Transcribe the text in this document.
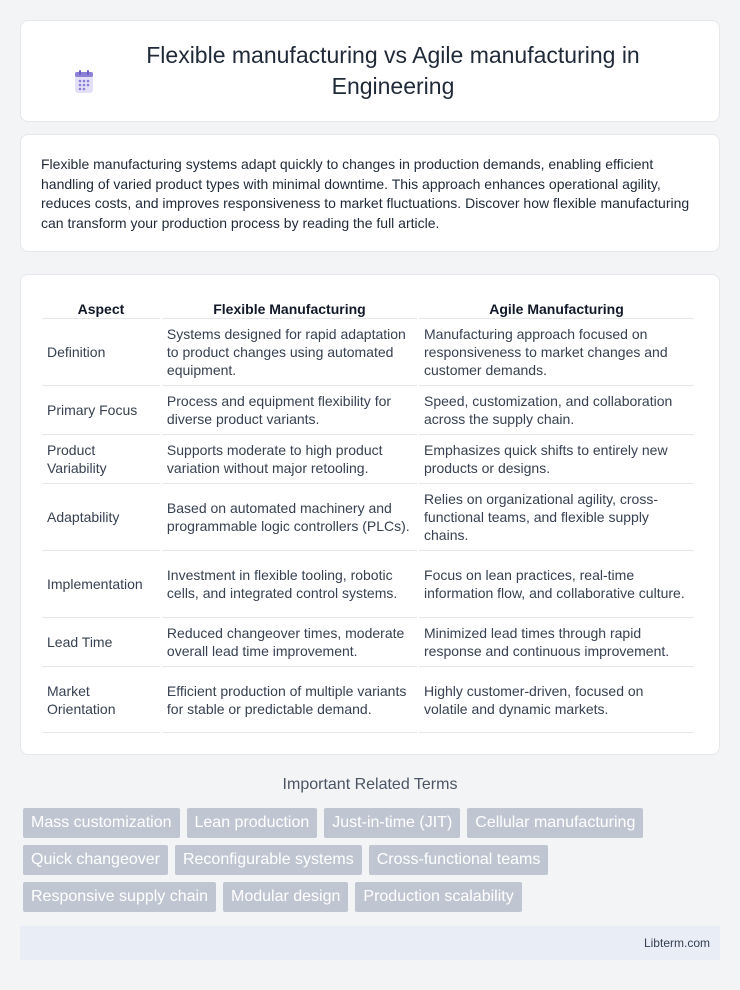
Flexible manufacturing vs Agile manufacturing in Engineering

Flexible manufacturing systems adapt quickly to changes in production demands, enabling efficient handling of varied product types with minimal downtime. This approach enhances operational agility, reduces costs, and improves responsiveness to market fluctuations. Discover how flexible manufacturing can transform your production process by reading the full article.

Aspect	Flexible Manufacturing	Agile Manufacturing
Definition	Systems designed for rapid adaptation to product changes using automated equipment.	Manufacturing approach focused on responsiveness to market changes and customer demands.
Primary Focus	Process and equipment flexibility for diverse product variants.	Speed, customization, and collaboration across the supply chain.
Product Variability	Supports moderate to high product variation without major retooling.	Emphasizes quick shifts to entirely new products or designs.
Adaptability	Based on automated machinery and programmable logic controllers (PLCs).	Relies on organizational agility, cross-functional teams, and flexible supply chains.
Implementation	Investment in flexible tooling, robotic cells, and integrated control systems.	Focus on lean practices, real-time information flow, and collaborative culture.
Lead Time	Reduced changeover times, moderate overall lead time improvement.	Minimized lead times through rapid response and continuous improvement.
Market Orientation	Efficient production of multiple variants for stable or predictable demand.	Highly customer-driven, focused on volatile and dynamic markets.
Important Related Terms
Mass customization	Lean production	Just-in-time (JIT)	Cellular manufacturing
Quick changeover	Reconfigurable systems	Cross-functional teams
Responsive supply chain	Modular design	Production scalability
Libterm.com
